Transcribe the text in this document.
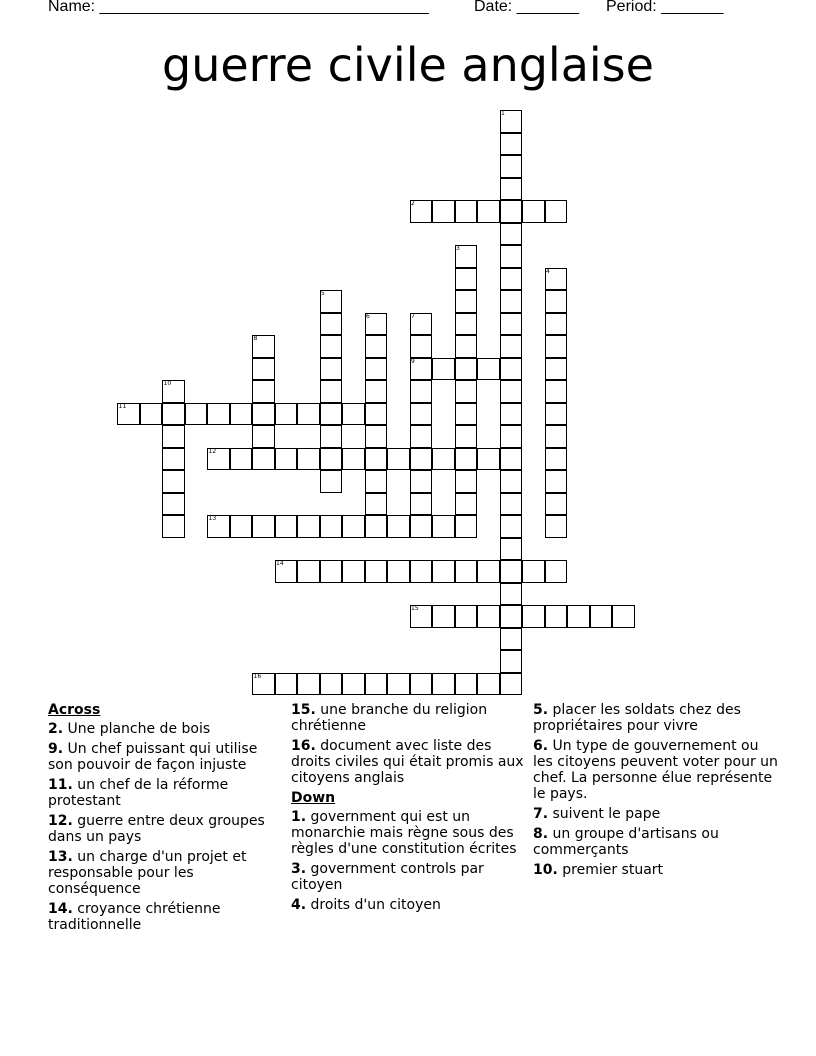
Name: _____________________________________	Date: _______ Period: _______
guerre civile anglaise
1
2
3
4
5
6	7
8
9
10
11
12
13
14
15
16
Across
2. Une planche de bois
9. Un chef puissant qui utilise son pouvoir de façon injuste
11. un chef de la réforme protestant
12. guerre entre deux groupes dans un pays
13. un charge d'un projet et responsable pour les conséquence
14. croyance chrétienne traditionnelle
15. une branche du religion chrétienne
16. document avec liste des droits civiles qui était promis aux citoyens anglais
Down
1. government qui est un monarchie mais règne sous des règles d'une constitution écrites
3. government controls par citoyen
4. droits d'un citoyen
5. placer les soldats chez des propriétaires pour vivre
6. Un type de gouvernement ou les citoyens peuvent voter pour un chef. La personne élue représente le pays.
7. suivent le pape
8. un groupe d'artisans ou commerçants
10. premier stuart
